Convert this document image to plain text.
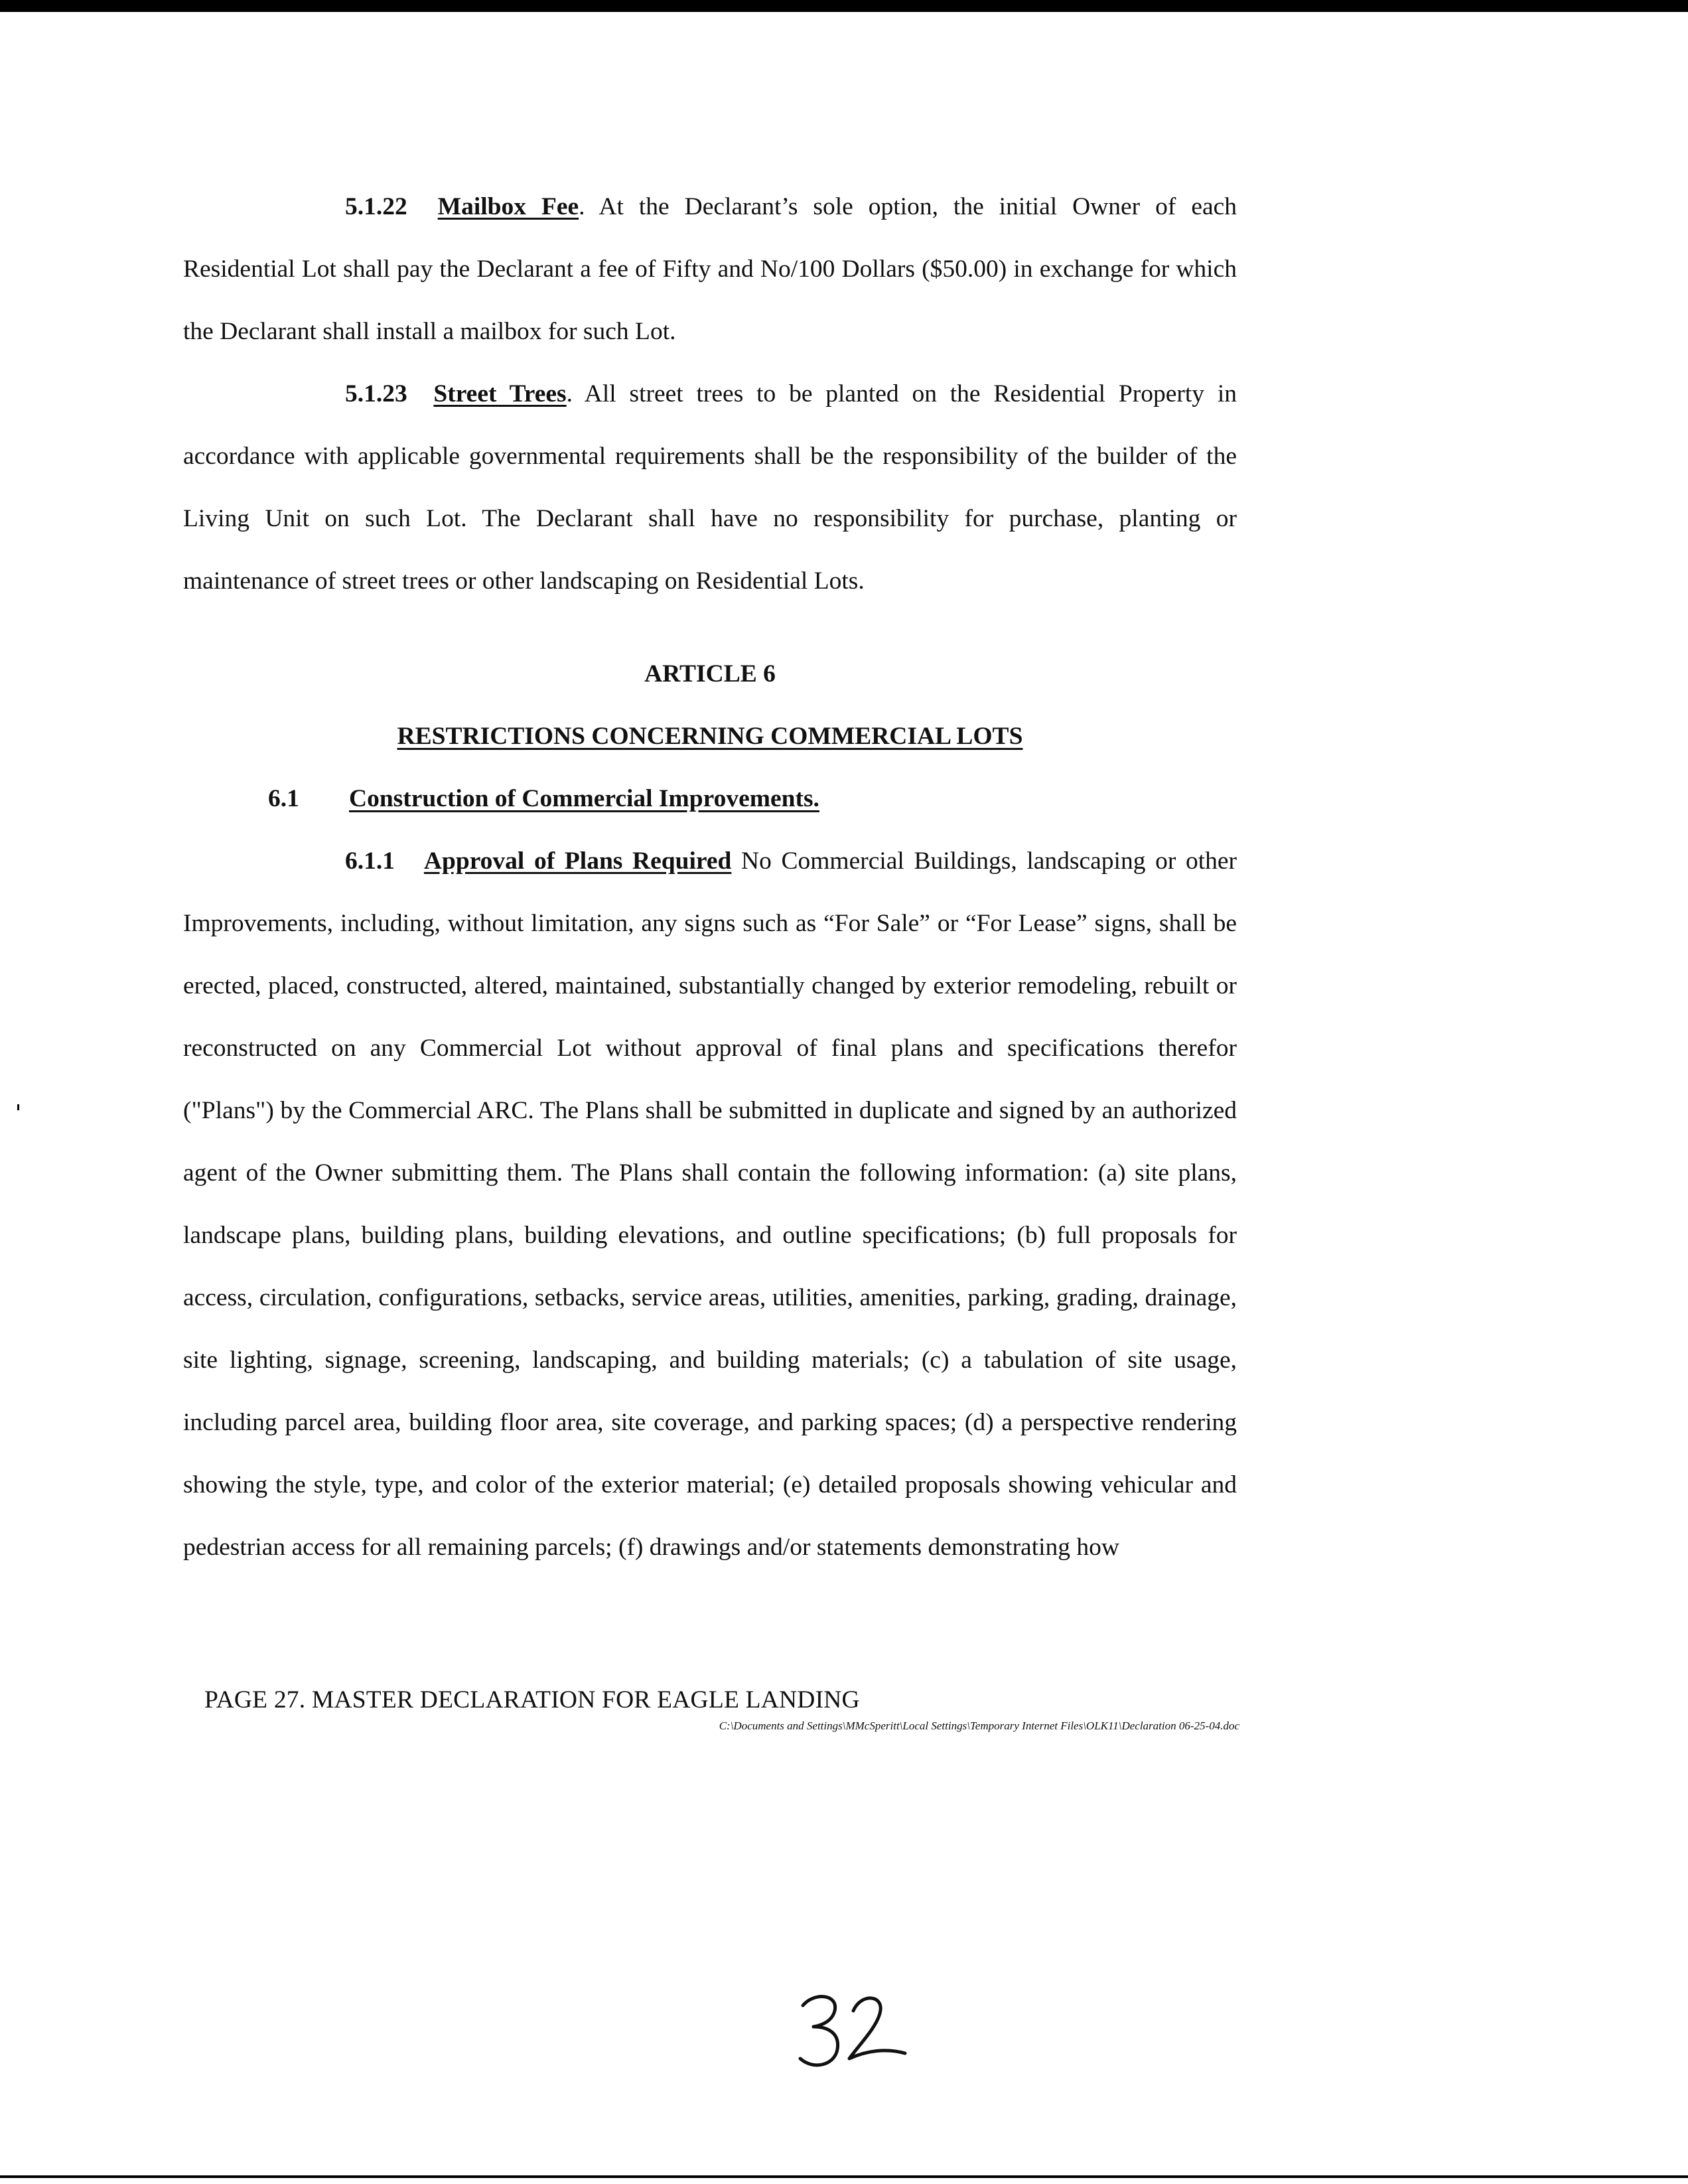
5.1.22 Mailbox Fee. At the Declarant’s sole option, the initial Owner of each Residential Lot shall pay the Declarant a fee of Fifty and No/100 Dollars ($50.00) in exchange for which the Declarant shall install a mailbox for such Lot.

5.1.23 Street Trees. All street trees to be planted on the Residential Property in accordance with applicable governmental requirements shall be the responsibility of the builder of the Living Unit on such Lot. The Declarant shall have no responsibility for purchase, planting or maintenance of street trees or other landscaping on Residential Lots.

ARTICLE 6

RESTRICTIONS CONCERNING COMMERCIAL LOTS

6.1 Construction of Commercial Improvements.

6.1.1 Approval of Plans Required No Commercial Buildings, landscaping or other Improvements, including, without limitation, any signs such as “For Sale” or “For Lease” signs, shall be erected, placed, constructed, altered, maintained, substantially changed by exterior remodeling, rebuilt or reconstructed on any Commercial Lot without approval of final plans and specifications therefor ("Plans") by the Commercial ARC. The Plans shall be submitted in duplicate and signed by an authorized agent of the Owner submitting them. The Plans shall contain the following information: (a) site plans, landscape plans, building plans, building elevations, and outline specifications; (b) full proposals for access, circulation, configurations, setbacks, service areas, utilities, amenities, parking, grading, drainage, site lighting, signage, screening, landscaping, and building materials; (c) a tabulation of site usage, including parcel area, building floor area, site coverage, and parking spaces; (d) a perspective rendering showing the style, type, and color of the exterior material; (e) detailed proposals showing vehicular and pedestrian access for all remaining parcels; (f) drawings and/or statements demonstrating how

PAGE 27. MASTER DECLARATION FOR EAGLE LANDING

C:\Documents and Settings\MMcSperitt\Local Settings\Temporary Internet Files\OLK11\Declaration 06-25-04.doc
